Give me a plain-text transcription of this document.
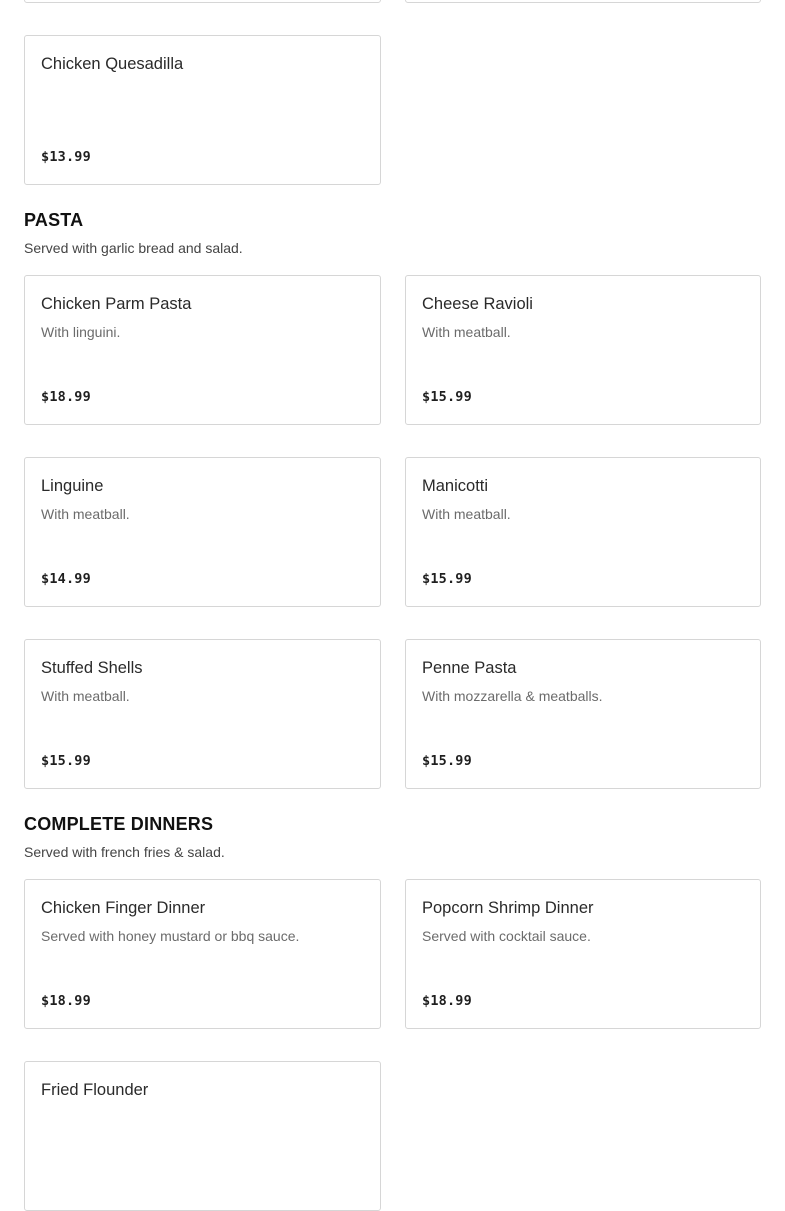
Chicken Quesadilla
$13.99
PASTA

Served with garlic bread and salad.

Chicken Parm Pasta
With linguini.
$18.99
Cheese Ravioli
With meatball.
$15.99
Linguine
With meatball.
$14.99
Manicotti
With meatball.
$15.99
Stuffed Shells
With meatball.
$15.99
Penne Pasta
With mozzarella & meatballs.
$15.99
COMPLETE DINNERS

Served with french fries & salad.

Chicken Finger Dinner
Served with honey mustard or bbq sauce.
$18.99
Popcorn Shrimp Dinner
Served with cocktail sauce.
$18.99
Fried Flounder
